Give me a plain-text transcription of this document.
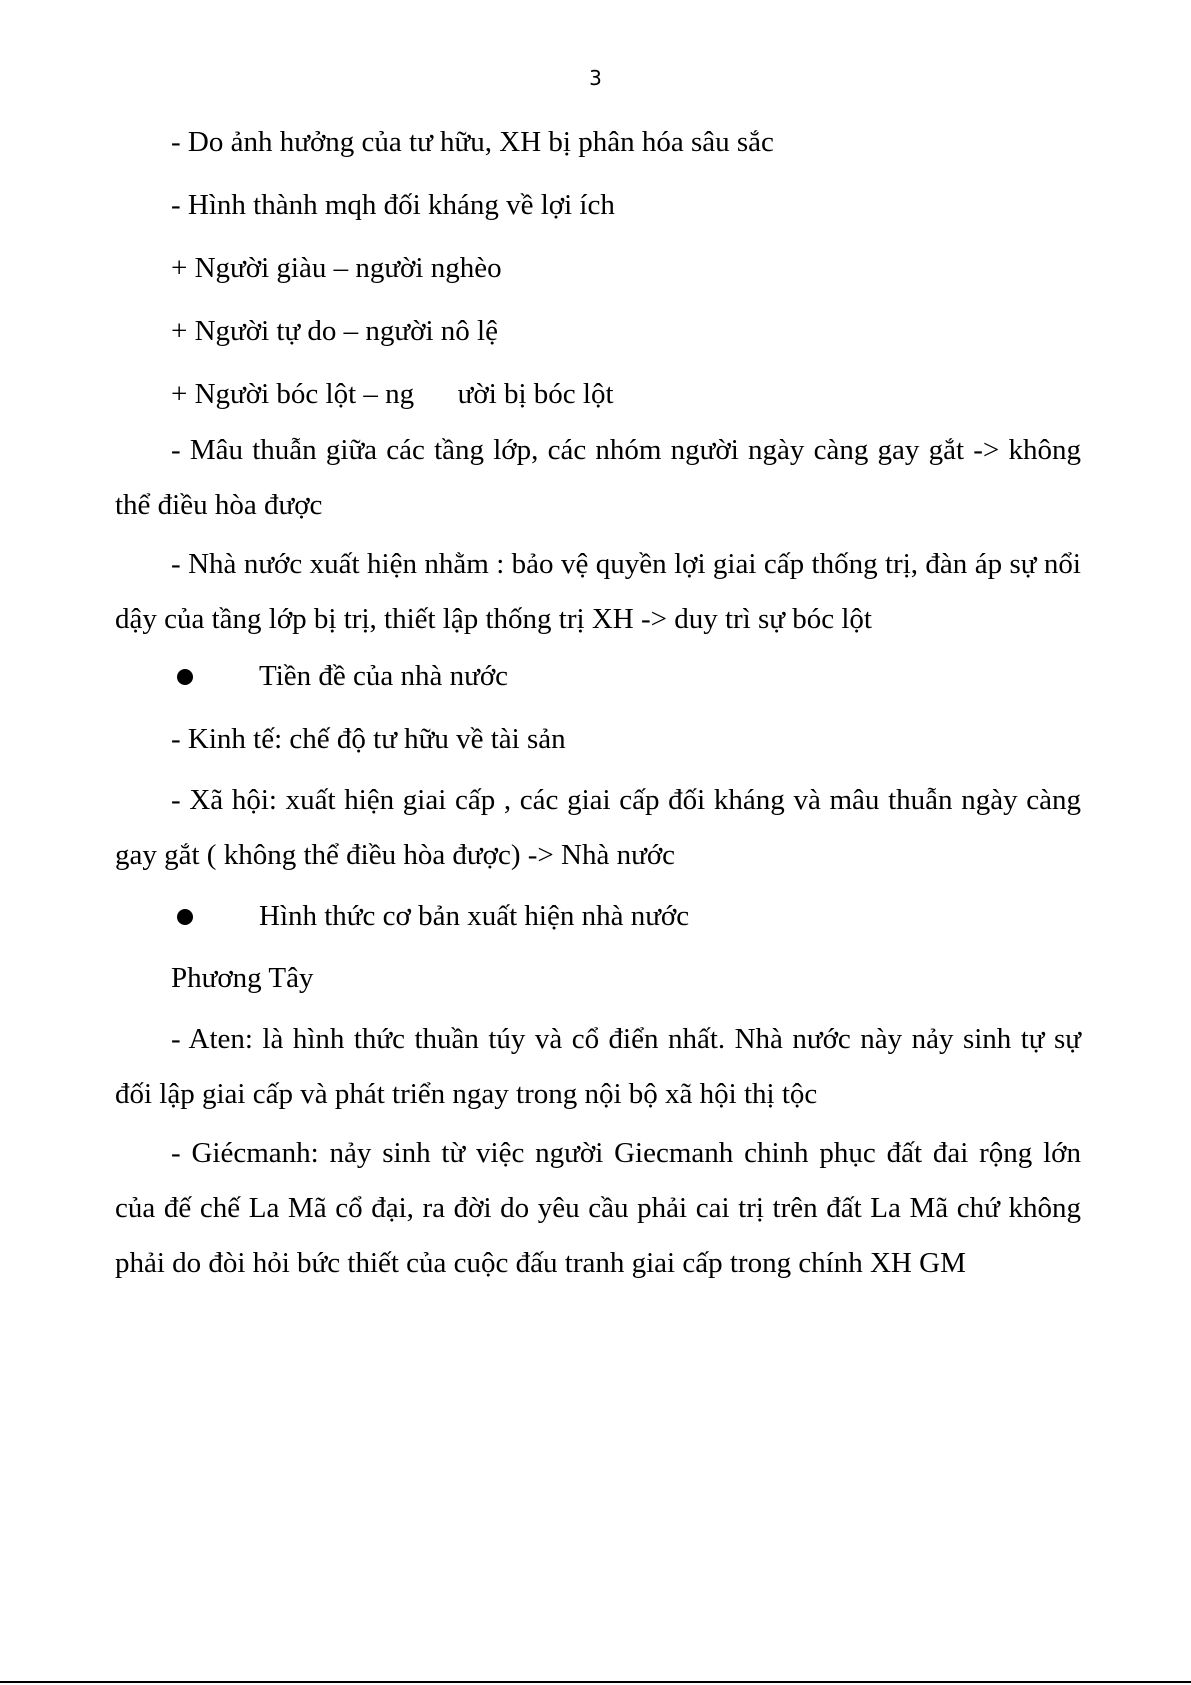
3
- Do ảnh hưởng của tư hữu, XH bị phân hóa sâu sắc
- Hình thành mqh đối kháng về lợi ích
+ Người giàu – người nghèo
+ Người tự do – người nô lệ
+ Người bóc lột – ng      ười bị bóc lột
- Mâu thuẫn giữa các tầng lớp, các nhóm người ngày càng gay gắt -> không thể điều hòa được
- Nhà nước xuất hiện nhằm : bảo vệ quyền lợi giai cấp thống trị, đàn áp sự nổi dậy của tầng lớp bị trị, thiết lập thống trị XH -> duy trì sự bóc lột
Tiền đề của nhà nước
- Kinh tế: chế độ tư hữu về tài sản
- Xã hội: xuất hiện giai cấp , các giai cấp đối kháng và mâu thuẫn ngày càng gay gắt ( không thể điều hòa được) -> Nhà nước
Hình thức cơ bản xuất hiện nhà nước
Phương Tây
- Aten: là hình thức thuần túy và cổ điển nhất. Nhà nước này nảy sinh tự sự đối lập giai cấp và phát triển ngay trong nội bộ xã hội thị tộc
- Giécmanh: nảy sinh từ việc người Giecmanh chinh phục đất đai rộng lớn của đế chế La Mã cổ đại, ra đời do yêu cầu phải cai trị trên đất La Mã chứ không phải do đòi hỏi bức thiết của cuộc đấu tranh giai cấp trong chính XH GM
